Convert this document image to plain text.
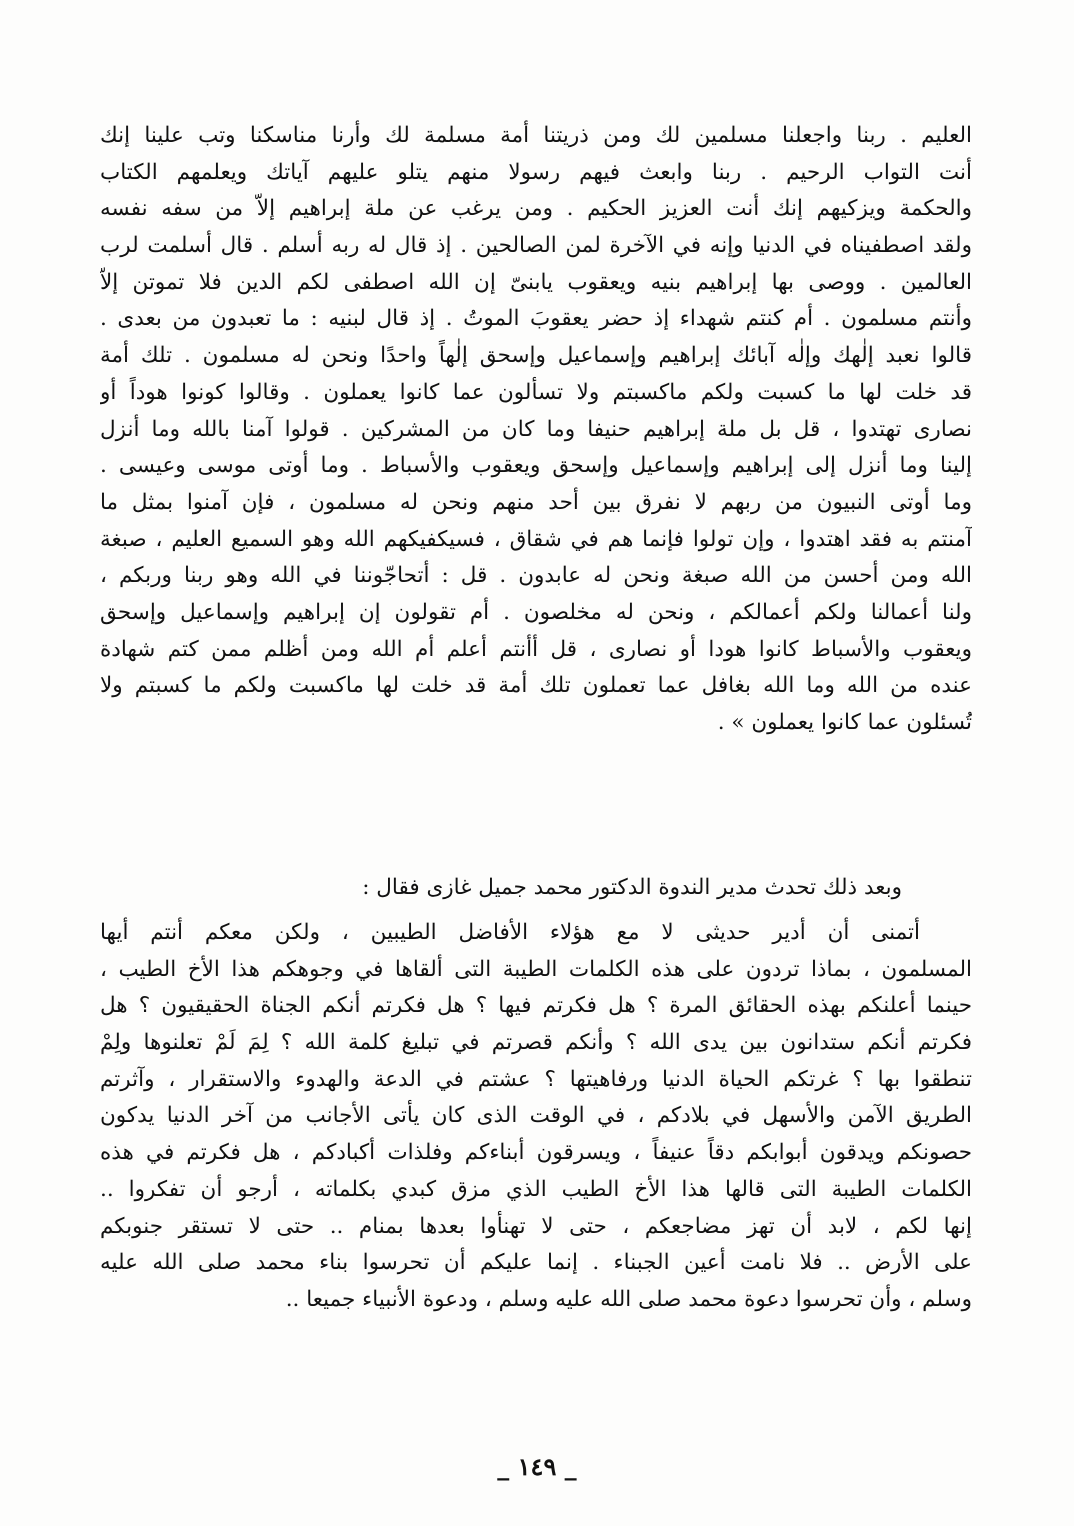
العليم . ربنا واجعلنا مسلمين لك ومن ذريتنا أمة مسلمة لك وأرنا مناسكنا وتب علينا إنك
أنت التواب الرحيم . ربنا وابعث فيهم رسولا منهم يتلو عليهم آياتك ويعلمهم الكتاب
والحكمة ويزكيهم إنك أنت العزيز الحكيم . ومن يرغب عن ملة إبراهيم إلاّ من سفه نفسه
ولقد اصطفيناه في الدنيا وإنه في الآخرة لمن الصالحين . إذ قال له ربه أسلم . قال أسلمت لرب
العالمين . ووصى بها إبراهيم بنيه ويعقوب يابنىّ إن الله اصطفى لكم الدين فلا تموتن إلاّ
وأنتم مسلمون . أم كنتم شهداء إذ حضر يعقوبَ الموتُ . إذ قال لبنيه : ما تعبدون من بعدى .
قالوا نعبد إلٰهك وإلٰه آبائك إبراهيم وإسماعيل وإسحق إلٰهاً واحدًا ونحن له مسلمون . تلك أمة
قد خلت لها ما كسبت ولكم ماكسبتم ولا تسألون عما كانوا يعملون . وقالوا كونوا هوداً أو
نصارى تهتدوا ، قل بل ملة إبراهيم حنيفا وما كان من المشركين . قولوا آمنا بالله وما أنزل
إلينا وما أنزل إلى إبراهيم وإسماعيل وإسحق ويعقوب والأسباط . وما أوتى موسى وعيسى .
وما أوتى النبيون من ربهم لا نفرق بين أحد منهم ونحن له مسلمون ، فإن آمنوا بمثل ما
آمنتم به فقد اهتدوا ، وإن تولوا فإنما هم في شقاق ، فسيكفيكهم الله وهو السميع العليم ، صبغة
الله ومن أحسن من الله صبغة ونحن له عابدون . قل : أتحاجّوننا في الله وهو ربنا وربكم ،
ولنا أعمالنا ولكم أعمالكم ، ونحن له مخلصون . أم تقولون إن إبراهيم وإسماعيل وإسحق
ويعقوب والأسباط كانوا هودا أو نصارى ، قل أأنتم أعلم أم الله ومن أظلم ممن كتم شهادة
عنده من الله وما الله بغافل عما تعملون تلك أمة قد خلت لها ماكسبت ولكم ما كسبتم ولا
تُسئلون عما كانوا يعملون » .
وبعد ذلك تحدث مدير الندوة الدكتور محمد جميل غازى فقال :
أتمنى أن أدير حديثى لا مع هؤلاء الأفاضل الطيبين ، ولكن معكم أنتم أيها
المسلمون ، بماذا تردون على هذه الكلمات الطيبة التى ألقاها في وجوهكم هذا الأخ الطيب ،
حينما أعلنكم بهذه الحقائق المرة ؟ هل فكرتم فيها ؟ هل فكرتم أنكم الجناة الحقيقيون ؟ هل
فكرتم أنكم ستدانون بين يدى الله ؟ وأنكم قصرتم في تبليغ كلمة الله ؟ لِمَ لَمْ تعلنوها ولِمْ
تنطقوا بها ؟ غرتكم الحياة الدنيا ورفاهيتها ؟ عشتم في الدعة والهدوء والاستقرار ، وآثرتم
الطريق الآمن والأسهل في بلادكم ، في الوقت الذى كان يأتى الأجانب من آخر الدنيا يدكون
حصونكم ويدقون أبوابكم دقاً عنيفاً ، ويسرقون أبناءكم وفلذات أكبادكم ، هل فكرتم في هذه
الكلمات الطيبة التى قالها هذا الأخ الطيب الذي مزق كبدي بكلماته ، أرجو أن تفكروا ..
إنها لكم ، لابد أن تهز مضاجعكم ، حتى لا تهنأوا بعدها بمنام .. حتى لا تستقر جنوبكم
على الأرض .. فلا نامت أعين الجبناء . إنما عليكم أن تحرسوا بناء محمد صلى الله عليه
وسلم ، وأن تحرسوا دعوة محمد صلى الله عليه وسلم ، ودعوة الأنبياء جميعا ..
_ ١٤٩ _
